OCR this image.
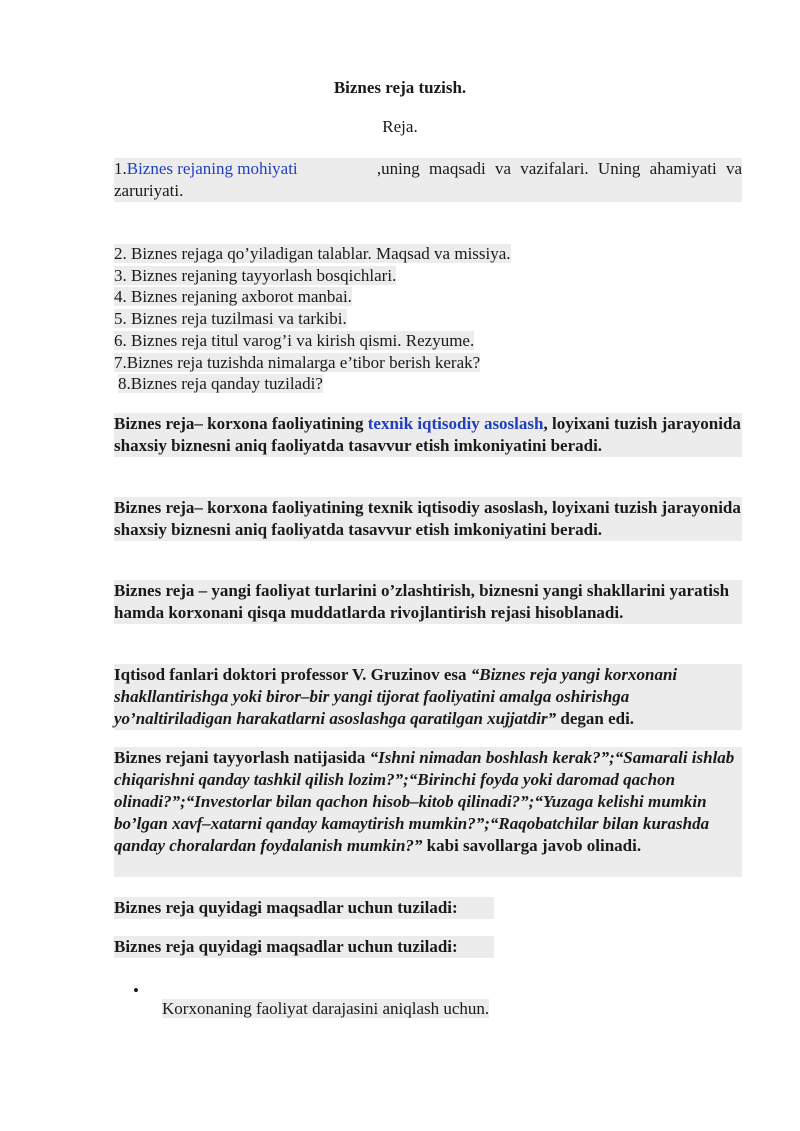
Biznes reja tuzish.
Reja.
1.Biznes rejaning mohiyati	,uning maqsadi va vazifalari. Uning ahamiyati va
zaruriyati.
2. Biznes rejaga qo’yiladigan talablar. Maqsad va missiya.
3. Biznes rejaning tayyorlash bosqichlari.
4. Biznes rejaning axborot manbai.
5. Biznes reja tuzilmasi va tarkibi.
6. Biznes reja titul varog’i va kirish qismi. Rezyume.
7.Biznes reja tuzishda nimalarga e’tibor berish kerak?
8.Biznes reja qanday tuziladi?

Biznes reja– korxona faoliyatining texnik iqtisodiy asoslash, loyixani tuzish jarayonida shaxsiy biznesni aniq faoliyatda tasavvur etish imkoniyatini beradi.

Biznes reja– korxona faoliyatining texnik iqtisodiy asoslash, loyixani tuzish jarayonida shaxsiy biznesni aniq faoliyatda tasavvur etish imkoniyatini beradi.

Biznes reja – yangi faoliyat turlarini o’zlashtirish, biznesni yangi shakllarini yaratish hamda korxonani qisqa muddatlarda rivojlantirish rejasi hisoblanadi.

Iqtisod fanlari doktori professor V. Gruzinov esa “Biznes reja yangi korxonani shakllantirishga yoki biror–bir yangi tijorat faoliyatini amalga oshirishga yo’naltiriladigan harakatlarni asoslashga qaratilgan xujjatdir” degan edi.

Biznes rejani tayyorlash natijasida “Ishni nimadan boshlash kerak?”;“Samarali ishlab chiqarishni qanday tashkil qilish lozim?”;“Birinchi foyda yoki daromad qachon olinadi?”;“Investorlar bilan qachon hisob–kitob qilinadi?”;“Yuzaga kelishi mumkin bo’lgan xavf–xatarni qanday kamaytirish mumkin?”;“Raqobatchilar bilan kurashda qanday choralardan foydalanish mumkin?” kabi savollarga javob olinadi.

Biznes reja quyidagi maqsadlar uchun tuziladi:

Biznes reja quyidagi maqsadlar uchun tuziladi:

•
Korxonaning faoliyat darajasini aniqlash uchun.
